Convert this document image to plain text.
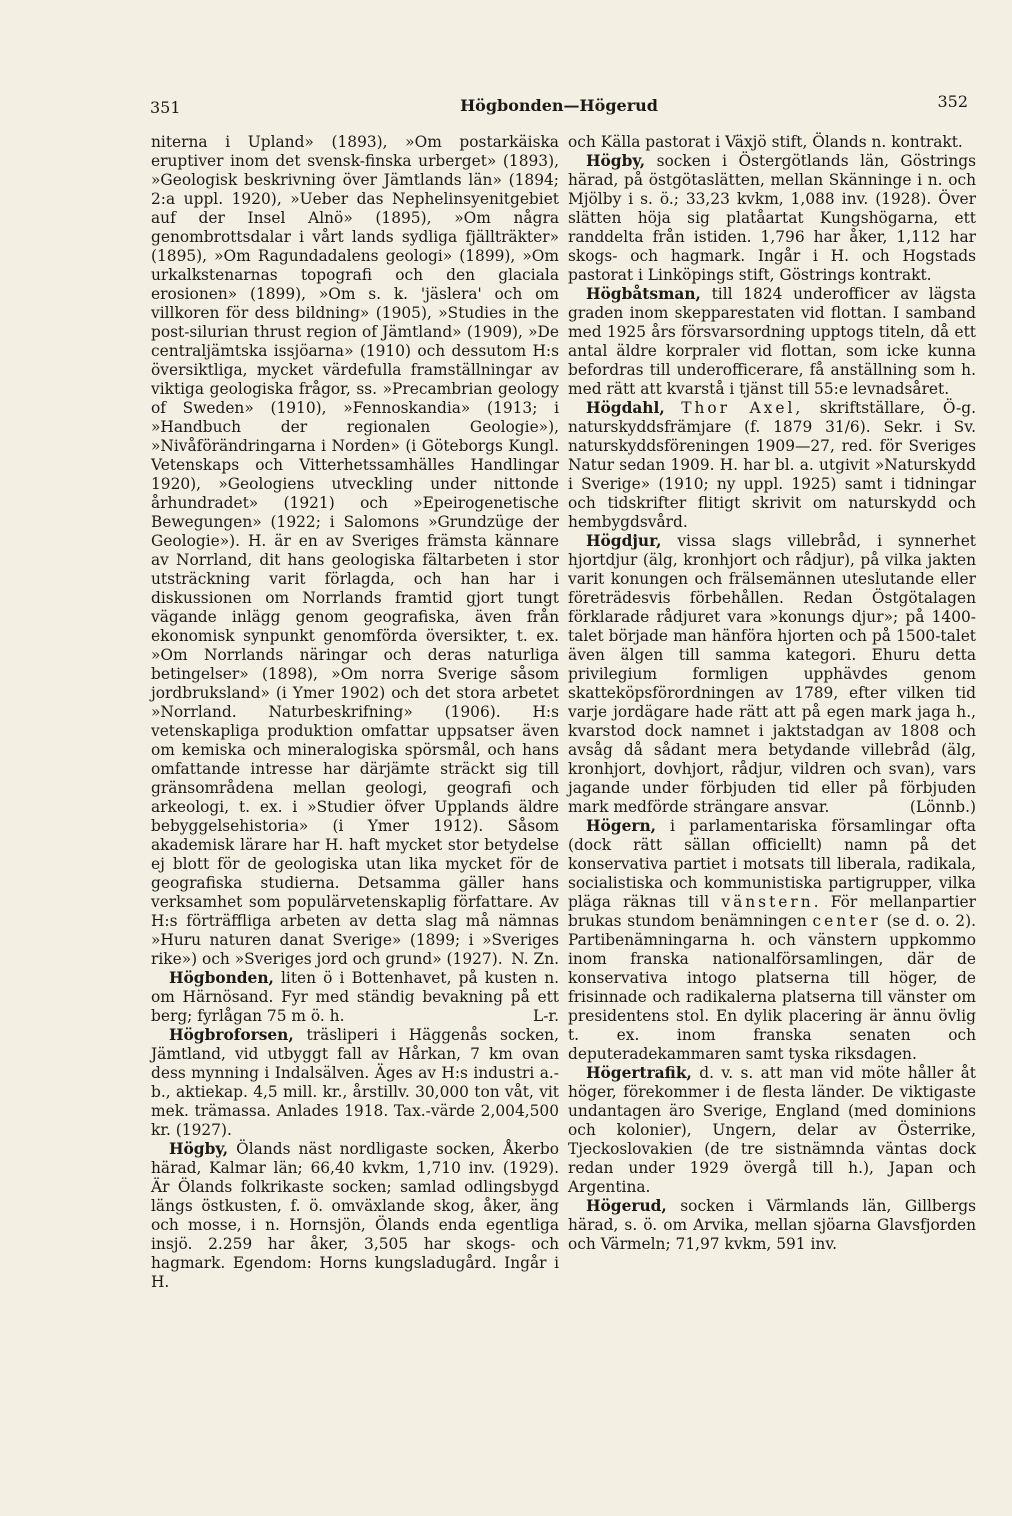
351	Högbonden—Högerud	352

niterna i Upland» (1893), »Om postarkäiska eruptiver inom det svensk-finska urberget» (1893), »Geologisk beskrivning över Jämtlands län» (1894; 2:a uppl. 1920), »Ueber das Nephelinsyenitgebiet auf der Insel Alnö» (1895), »Om några genombrottsdalar i vårt lands sydliga fjällträkter» (1895), »Om Ragundadalens geologi» (1899), »Om urkalkstenarnas topografi och den glaciala erosionen» (1899), »Om s. k. 'jäslera' och om villkoren för dess bildning» (1905), »Studies in the post-silurian thrust region of Jämtland» (1909), »De centraljämtska issjöarna» (1910) och dessutom H:s översiktliga, mycket värdefulla framställningar av viktiga geologiska frågor, ss. »Precambrian geology of Sweden» (1910), »Fennoskandia» (1913; i »Handbuch der regionalen Geologie»), »Nivåförändringarna i Norden» (i Göteborgs Kungl. Vetenskaps och Vitterhetssamhälles Handlingar 1920), »Geologiens utveckling under nittonde århundradet» (1921) och »Epeirogenetische Bewegungen» (1922; i Salomons »Grundzüge der Geologie»). H. är en av Sveriges främsta kännare av Norrland, dit hans geologiska fältarbeten i stor utsträckning varit förlagda, och han har i diskussionen om Norrlands framtid gjort tungt vägande inlägg genom geografiska, även från ekonomisk synpunkt genomförda översikter, t. ex. »Om Norrlands näringar och deras naturliga betingelser» (1898), »Om norra Sverige såsom jordbruksland» (i Ymer 1902) och det stora arbetet »Norrland. Naturbeskrifning» (1906). H:s vetenskapliga produktion omfattar uppsatser även om kemiska och mineralogiska spörsmål, och hans omfattande intresse har därjämte sträckt sig till gränsområdena mellan geologi, geografi och arkeologi, t. ex. i »Studier öfver Upplands äldre bebyggelsehistoria» (i Ymer 1912). Såsom akademisk lärare har H. haft mycket stor betydelse ej blott för de geologiska utan lika mycket för de geografiska studierna. Detsamma gäller hans verksamhet som populärvetenskaplig författare. Av H:s förträffliga arbeten av detta slag må nämnas »Huru naturen danat Sverige» (1899; i »Sveriges rike») och »Sveriges jord och grund» (1927). N. Zn.

Högbonden, liten ö i Bottenhavet, på kusten n. om Härnösand. Fyr med ständig bevakning på ett berg; fyrlågan 75 m ö. h.	L-r.

Högbroforsen, träsliperi i Häggenås socken, Jämtland, vid utbyggt fall av Hårkan, 7 km ovan dess mynning i Indalsälven. Äges av H:s industri a.-b., aktiekap. 4,5 mill. kr., årstillv. 30,000 ton våt, vit mek. trämassa. Anlades 1918. Tax.-värde 2,004,500 kr. (1927).

Högby, Ölands näst nordligaste socken, Åkerbo härad, Kalmar län; 66,40 kvkm, 1,710 inv. (1929). Är Ölands folkrikaste socken; samlad odlingsbygd längs östkusten, f. ö. omväxlande skog, åker, äng och mosse, i n. Hornsjön, Ölands enda egentliga insjö. 2.259 har åker, 3,505 har skogs- och hagmark. Egendom: Horns kungsladugård. Ingår i H.

och Källa pastorat i Växjö stift, Ölands n. kontrakt.

Högby, socken i Östergötlands län, Göstrings härad, på östgötaslätten, mellan Skänninge i n. och Mjölby i s. ö.; 33,23 kvkm, 1,088 inv. (1928). Över slätten höja sig platåartat Kungshögarna, ett randdelta från istiden. 1,796 har åker, 1,112 har skogs- och hagmark. Ingår i H. och Hogstads pastorat i Linköpings stift, Göstrings kontrakt.

Högbåtsman, till 1824 underofficer av lägsta graden inom skepparestaten vid flottan. I samband med 1925 års försvarsordning upptogs titeln, då ett antal äldre korpraler vid flottan, som icke kunna befordras till underofficerare, få anställning som h. med rätt att kvarstå i tjänst till 55:e levnadsåret.
Ö-g.

Högdahl, Thor Axel, skriftställare, naturskyddsfrämjare (f. 1879 31/6). Sekr. i Sv. naturskyddsföreningen 1909—27, red. för Sveriges Natur sedan 1909. H. har bl. a. utgivit »Naturskydd i Sverige» (1910; ny uppl. 1925) samt i tidningar och tidskrifter flitigt skrivit om naturskydd och hembygdsvård.

Högdjur, vissa slags villebråd, i synnerhet hjortdjur (älg, kronhjort och rådjur), på vilka jakten varit konungen och frälsemännen uteslutande eller företrädesvis förbehållen. Redan Östgötalagen förklarade rådjuret vara »konungs djur»; på 1400-talet började man hänföra hjorten och på 1500-talet även älgen till samma kategori. Ehuru detta privilegium formligen upphävdes genom skatteköpsförordningen av 1789, efter vilken tid varje jordägare hade rätt att på egen mark jaga h., kvarstod dock namnet i jaktstadgan av 1808 och avsåg då sådant mera betydande villebråd (älg, kronhjort, dovhjort, rådjur, vildren och svan), vars jagande under förbjuden tid eller på förbjuden mark medförde strängare ansvar.	(Lönnb.)

Högern, i parlamentariska församlingar ofta (dock rätt sällan officiellt) namn på det konservativa partiet i motsats till liberala, radikala, socialistiska och kommunistiska partigrupper, vilka pläga räknas till vänstern. För mellanpartier brukas stundom benämningen center (se d. o. 2). Partibenämningarna h. och vänstern uppkommo inom franska nationalförsamlingen, där de konservativa intogo platserna till höger, de frisinnade och radikalerna platserna till vänster om presidentens stol. En dylik placering är ännu övlig t. ex. inom franska senaten och deputeradekammaren samt tyska riksdagen.

Högertrafik, d. v. s. att man vid möte håller åt höger, förekommer i de flesta länder. De viktigaste undantagen äro Sverige, England (med dominions och kolonier), Ungern, delar av Österrike, Tjeckoslovakien (de tre sistnämnda väntas dock redan under 1929 övergå till h.), Japan och Argentina.

Högerud, socken i Värmlands län, Gillbergs härad, s. ö. om Arvika, mellan sjöarna Glavsfjorden och Värmeln; 71,97 kvkm, 591 inv.
